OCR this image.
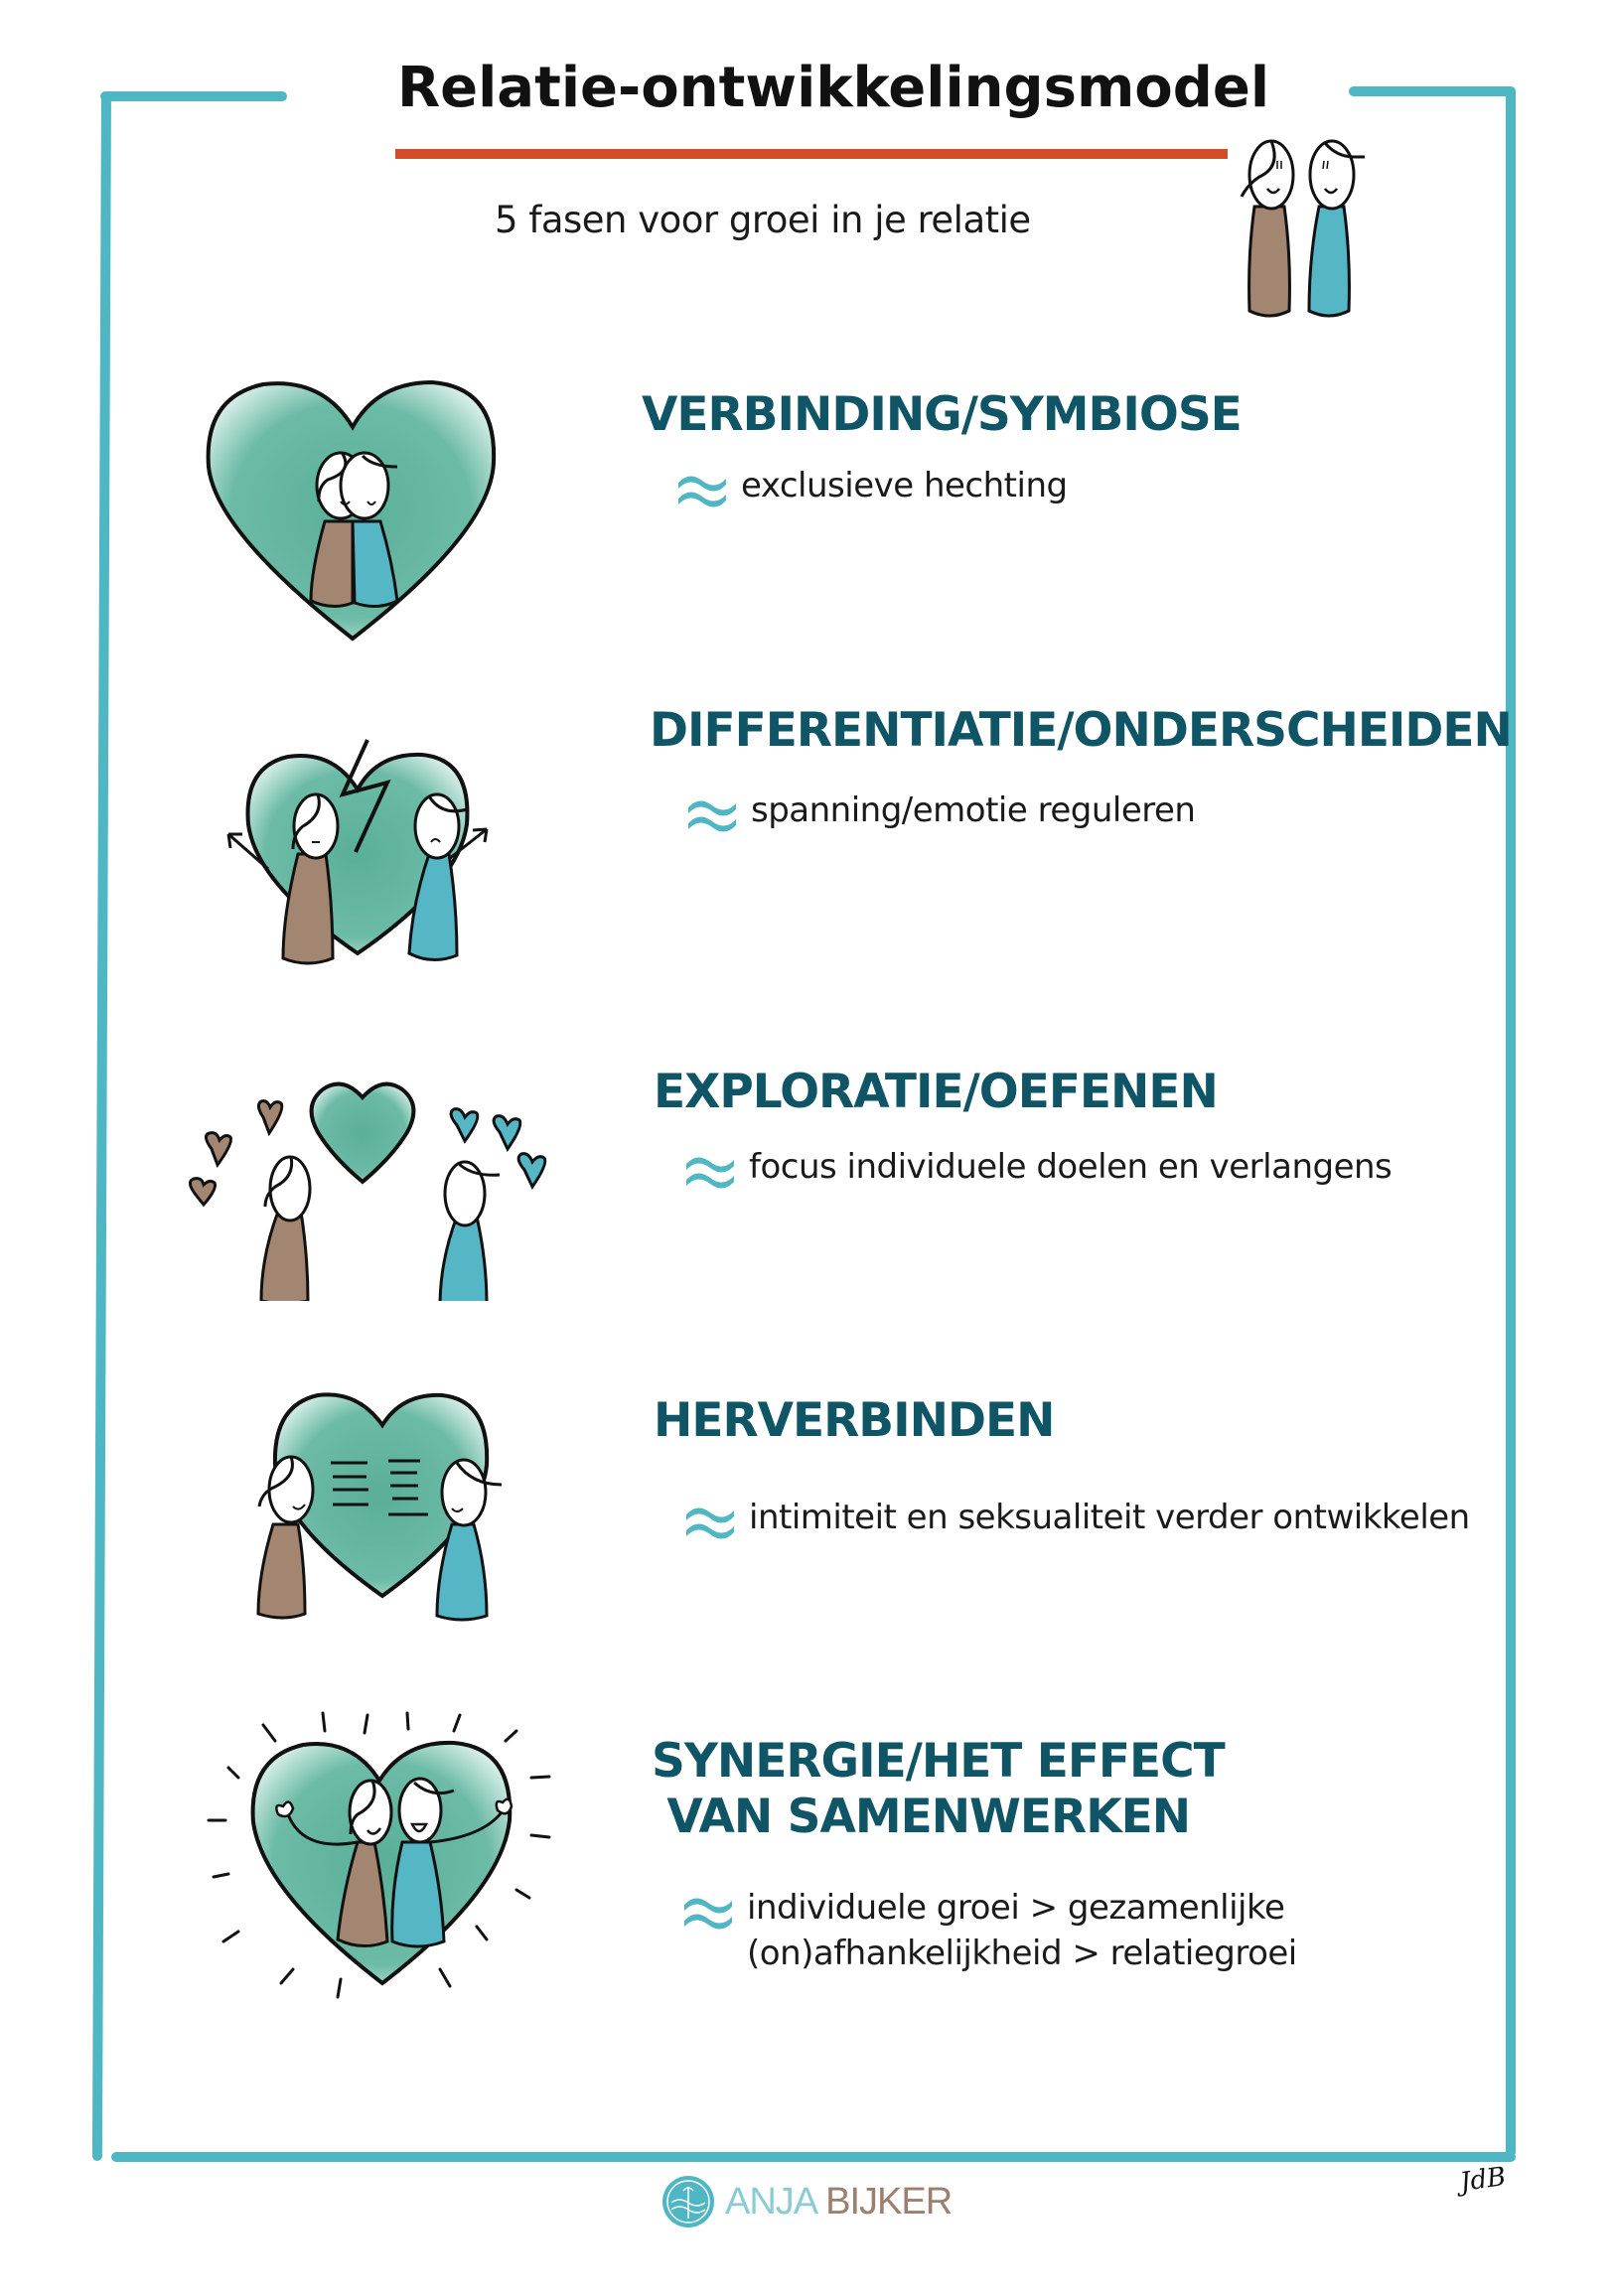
Relatie-ontwikkelingsmodel
5 fasen voor groei in je relatie
VERBINDING/SYMBIOSE
exclusieve hechting
DIFFERENTIATIE/ONDERSCHEIDEN
spanning/emotie reguleren
EXPLORATIE/OEFENEN
focus individuele doelen en verlangens
HERVERBINDEN
intimiteit en seksualiteit verder ontwikkelen
SYNERGIE/HET EFFECT
VAN SAMENWERKEN
individuele groei > gezamenlijke
(on)afhankelijkheid > relatiegroei
ANJA BIJKER
JdB
